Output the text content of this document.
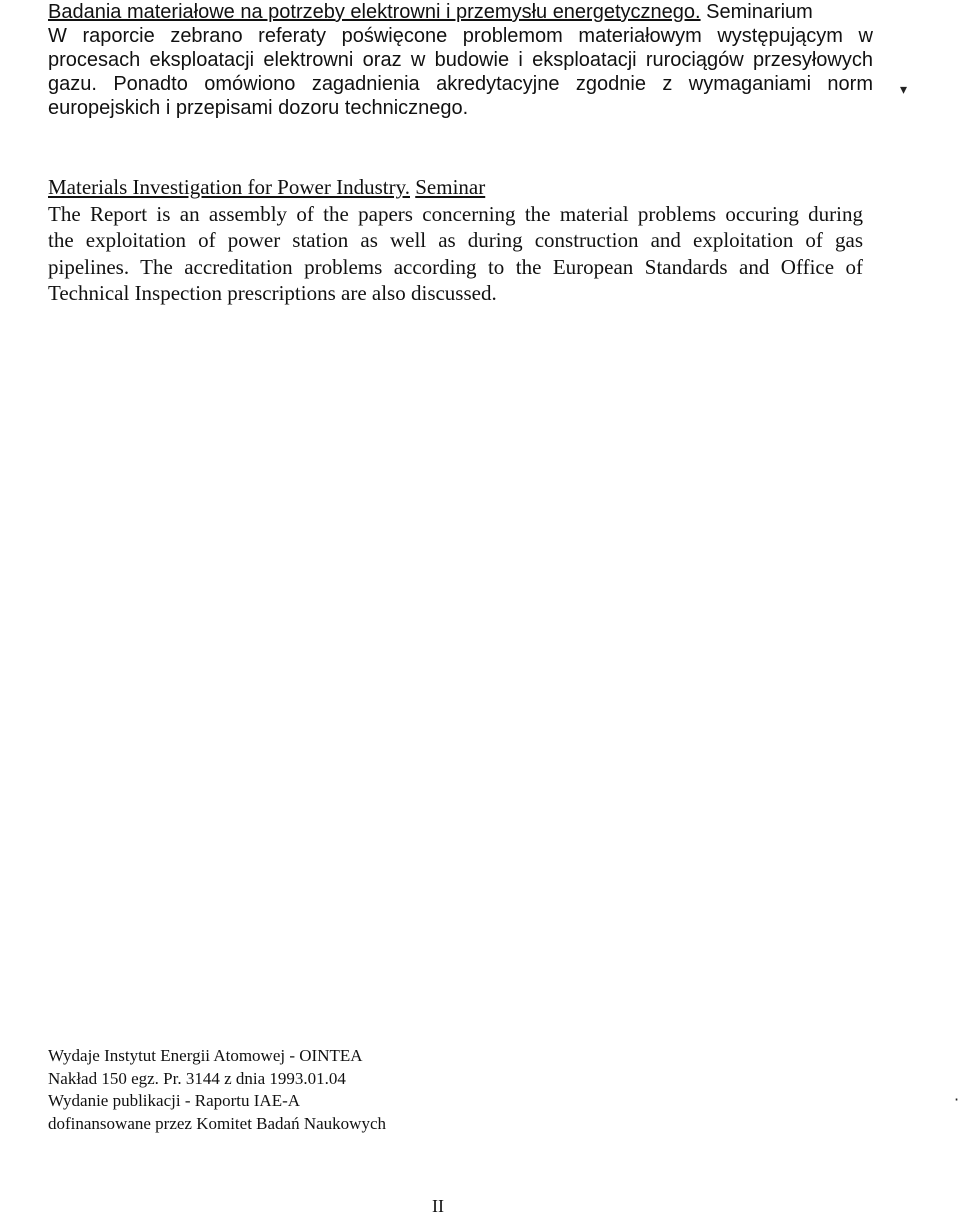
Badania materiałowe na potrzeby elektrowni i przemysłu energetycznego. Seminarium
W raporcie zebrano referaty poświęcone problemom materiałowym występującym w
procesach eksploatacji elektrowni oraz w budowie i eksploatacji rurociągów przesyłowych
gazu. Ponadto omówiono zagadnienia akredytacyjne zgodnie z wymaganiami norm
europejskich i przepisami dozoru technicznego.
Materials Investigation for Power Industry. Seminar
The Report is an assembly of the papers concerning the material problems occuring during
the exploitation of power station as well as during construction and exploitation of gas
pipelines. The accreditation problems according to the European Standards and Office of
Technical Inspection prescriptions are also discussed.
▾
·
Wydaje Instytut Energii Atomowej - OINTEA
Nakład 150 egz. Pr. 3144 z dnia 1993.01.04
Wydanie publikacji - Raportu IAE-A
dofinansowane przez Komitet Badań Naukowych
II
